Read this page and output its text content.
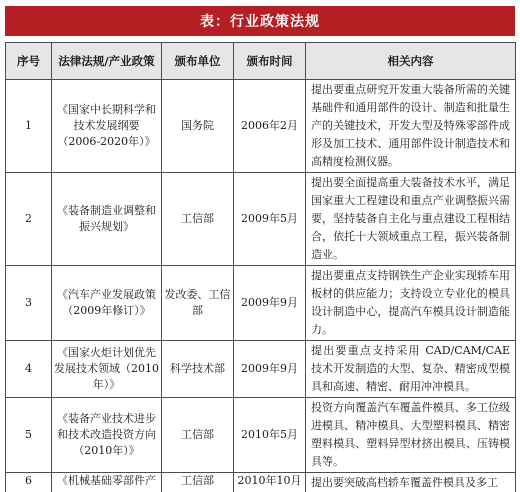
表：行业政策法规
序号	法律法规/产业政策	颁布单位	颁布时间	相关内容
1	《国家中长期科学和技术发展纲要（2006-2020年）》	国务院	2006年2月	提出要重点研究开发重大装备所需的关键基础件和通用部件的设计、制造和批量生产的关键技术，开发大型及特殊零部件成形及加工技术、通用部件设计制造技术和高精度检测仪器。
2	《装备制造业调整和振兴规划》	工信部	2009年5月	提出要全面提高重大装备技术水平，满足国家重大工程建设和重点产业调整振兴需要，坚持装备自主化与重点建设工程相结合，依托十大领域重点工程，振兴装备制造业。
3	《汽车产业发展政策（2009年修订）》	发改委、工信部	2009年9月	提出要重点支持钢铁生产企业实现轿车用板材的供应能力；支持设立专业化的模具设计制造中心，提高汽车模具设计制造能力。
4	《国家火炬计划优先发展技术领域（2010年）》	科学技术部	2009年9月	提出要重点支持采用 CAD/CAM/CAE 技术开发制造的大型、复杂、精密成型模具和高速、精密、耐用冲冲模具。
5	《装备产业技术进步和技术改造投资方向（2010年）》	工信部	2010年5月	投资方向覆盖汽车覆盖件模具、多工位级进模具、精冲模具、大型塑料模具、精密塑料模具、塑料异型材挤出模具、压铸模具等。
6	《机械基础零部件产	工信部	2010年10月	提出要突破高档轿车覆盖件模具及多工
